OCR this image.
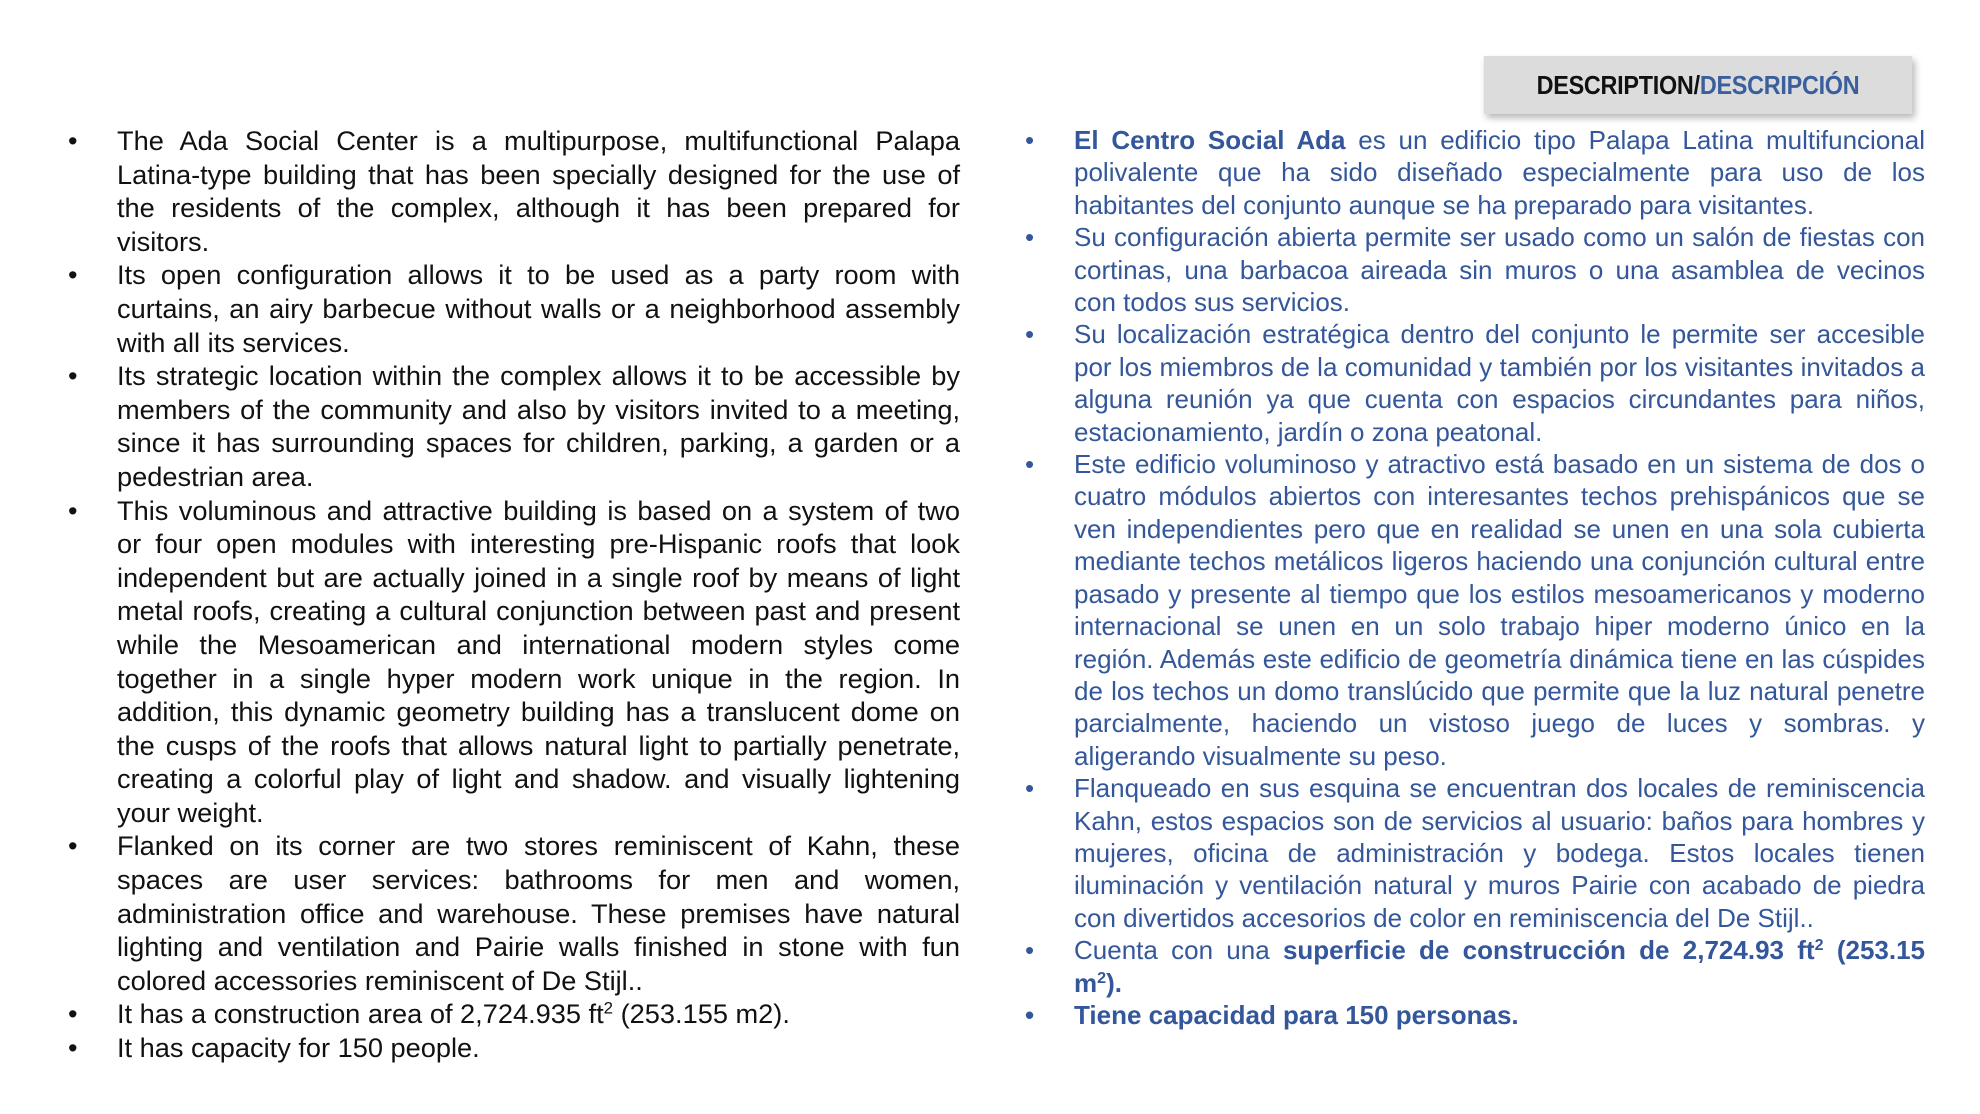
DESCRIPTION / DESCRIPCIÓN
• The Ada Social Center is a multipurpose, multifunctional Palapa Latina-type building that has been specially designed for the use of the residents of the complex, although it has been prepared for visitors.
• Its open configuration allows it to be used as a party room with curtains, an airy barbecue without walls or a neighborhood assembly with all its services.
• Its strategic location within the complex allows it to be accessible by members of the community and also by visitors invited to a meeting, since it has surrounding spaces for children, parking, a garden or a pedestrian area.
• This voluminous and attractive building is based on a system of two or four open modules with interesting pre-Hispanic roofs that look independent but are actually joined in a single roof by means of light metal roofs, creating a cultural conjunction between past and present while the Mesoamerican and international modern styles come together in a single hyper modern work unique in the region. In addition, this dynamic geometry building has a translucent dome on the cusps of the roofs that allows natural light to partially penetrate, creating a colorful play of light and shadow. and visually lightening your weight.
• Flanked on its corner are two stores reminiscent of Kahn, these spaces are user services: bathrooms for men and women, administration office and warehouse. These premises have natural lighting and ventilation and Pairie walls finished in stone with fun colored accessories reminiscent of De Stijl..
• It has a construction area of 2,724.935 $ft^2$ (253.155 m2).
• It has capacity for 150 people.
• El Centro Social Ada es un edificio tipo Palapa Latina multifuncional polivalente que ha sido diseñado especialmente para uso de los habitantes del conjunto aunque se ha preparado para visitantes.
• Su configuración abierta permite ser usado como un salón de fiestas con cortinas, una barbacoa aireada sin muros o una asamblea de vecinos con todos sus servicios.
• Su localización estratégica dentro del conjunto le permite ser accesible por los miembros de la comunidad y también por los visitantes invitados a alguna reunión ya que cuenta con espacios circundantes para niños, estacionamiento, jardín o zona peatonal.
• Este edificio voluminoso y atractivo está basado en un sistema de dos o cuatro módulos abiertos con interesantes techos prehispánicos que se ven independientes pero que en realidad se unen en una sola cubierta mediante techos metálicos ligeros haciendo una conjunción cultural entre pasado y presente al tiempo que los estilos mesoamericanos y moderno internacional se unen en un solo trabajo hiper moderno único en la región. Además este edificio de geometría dinámica tiene en las cúspides de los techos un domo translúcido que permite que la luz natural penetre parcialmente, haciendo un vistoso juego de luces y sombras. y aligerando visualmente su peso.
• Flanqueado en sus esquina se encuentran dos locales de reminiscencia Kahn, estos espacios son de servicios al usuario: baños para hombres y mujeres, oficina de administración y bodega. Estos locales tienen iluminación y ventilación natural y muros Pairie con acabado de piedra con divertidos accesorios de color en reminiscencia del De Stijl..
• Cuenta con una superficie de construcción de 2,724.93 $ft^2$ (253.15 $m^2$).
• Tiene capacidad para 150 personas.
